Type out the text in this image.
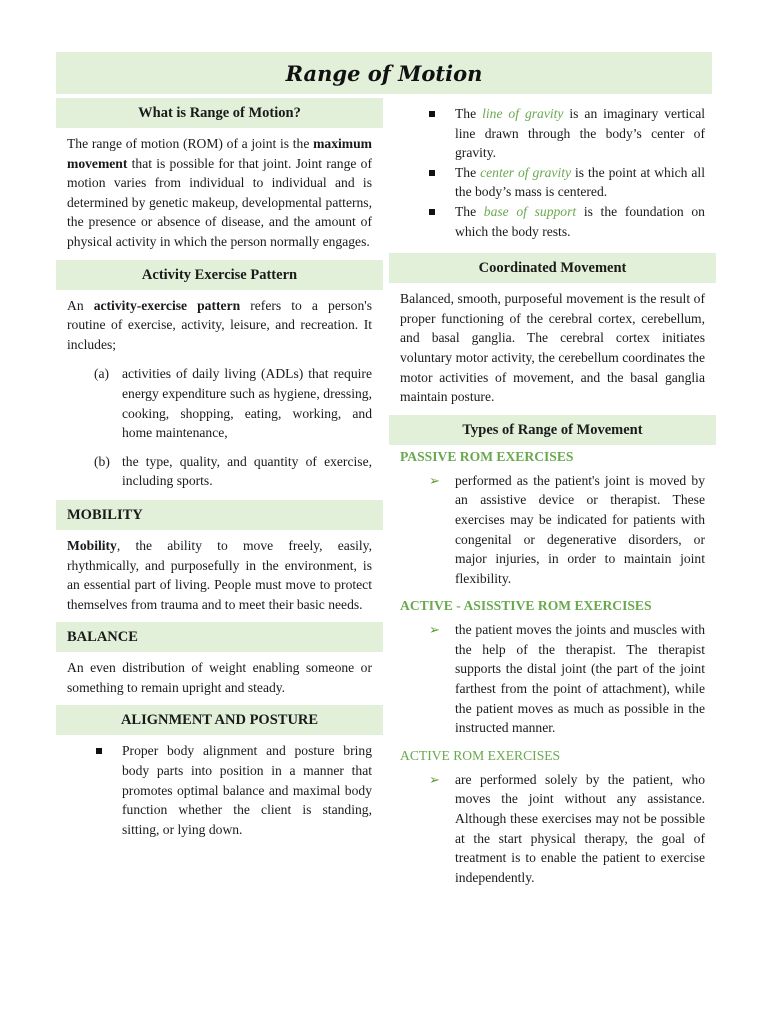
Range of Motion
What is Range of Motion?

The range of motion (ROM) of a joint is the maximum movement that is possible for that joint. Joint range of motion varies from individual to individual and is determined by genetic makeup, developmental patterns, the presence or absence of disease, and the amount of physical activity in which the person normally engages.

Activity Exercise Pattern

An activity-exercise pattern refers to a person's routine of exercise, activity, leisure, and recreation. It includes;

(a) activities of daily living (ADLs) that require energy expenditure such as hygiene, dressing, cooking, shopping, eating, working, and home maintenance,
(b) the type, quality, and quantity of exercise, including sports.
MOBILITY

Mobility, the ability to move freely, easily, rhythmically, and purposefully in the environment, is an essential part of living. People must move to protect themselves from trauma and to meet their basic needs.

BALANCE

An even distribution of weight enabling someone or something to remain upright and steady.

ALIGNMENT AND POSTURE
Proper body alignment and posture bring body parts into position in a manner that promotes optimal balance and maximal body function whether the client is standing, sitting, or lying down.
The line of gravity is an imaginary vertical line drawn through the body’s center of gravity.
The center of gravity is the point at which all the body’s mass is centered.
The base of support is the foundation on which the body rests.
Coordinated Movement

Balanced, smooth, purposeful movement is the result of proper functioning of the cerebral cortex, cerebellum, and basal ganglia. The cerebral cortex initiates voluntary motor activity, the cerebellum coordinates the motor activities of movement, and the basal ganglia maintain posture.

Types of Range of Movement
PASSIVE ROM EXERCISES
➢	performed as the patient's joint is moved by an assistive device or therapist. These exercises may be indicated for patients with congenital or degenerative disorders, or major injuries, in order to maintain joint flexibility.
ACTIVE - ASISSTIVE ROM EXERCISES
➢	the patient moves the joints and muscles with the help of the therapist. The therapist supports the distal joint (the part of the joint farthest from the point of attachment), while the patient moves as much as possible in the instructed manner.
ACTIVE ROM EXERCISES
➢	are performed solely by the patient, who moves the joint without any assistance. Although these exercises may not be possible at the start physical therapy, the goal of treatment is to enable the patient to exercise independently.
